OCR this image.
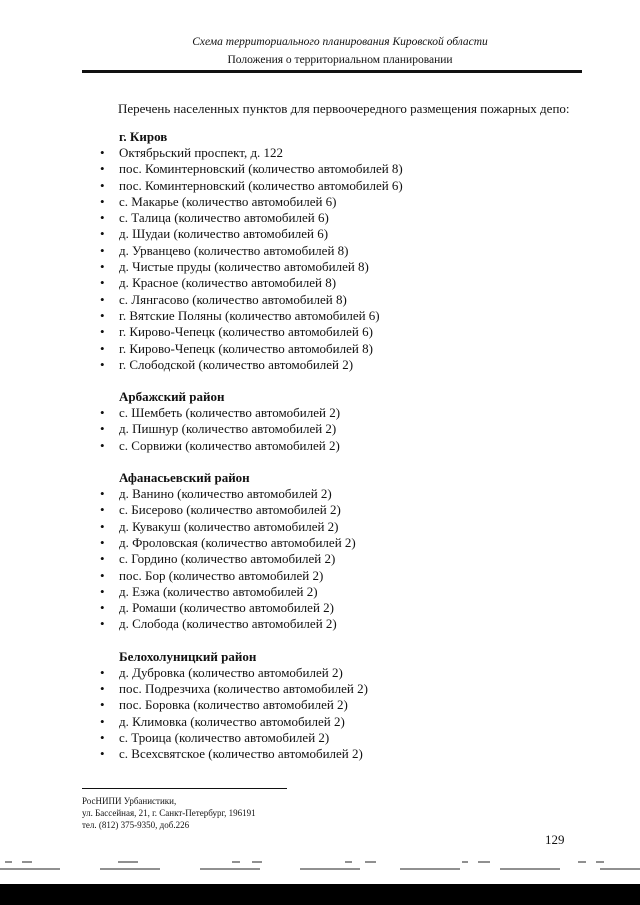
Схема территориального планирования Кировской области
Положения о территориальном планировании

Перечень населенных пунктов для первоочередного размещения пожарных депо:

г. Киров
• Октябрьский проспект, д. 122
• пос. Коминтерновский (количество автомобилей 8)
• пос. Коминтерновский (количество автомобилей 6)
• с. Макарье (количество автомобилей 6)
• с. Талица (количество автомобилей 6)
• д. Шудаи (количество автомобилей 6)
• д. Урванцево (количество автомобилей 8)
• д. Чистые пруды (количество автомобилей 8)
• д. Красное (количество автомобилей 8)
• с. Лянгасово (количество автомобилей 8)
• г. Вятские Поляны (количество автомобилей 6)
• г. Кирово-Чепецк (количество автомобилей 6)
• г. Кирово-Чепецк (количество автомобилей 8)
• г. Слободской (количество автомобилей 2)
Арбажский район
• с. Шембеть (количество автомобилей 2)
• д. Пишнур (количество автомобилей 2)
• с. Сорвижи (количество автомобилей 2)
Афанасьевский район
• д. Ванино (количество автомобилей 2)
• с. Бисерово (количество автомобилей 2)
• д. Кувакуш (количество автомобилей 2)
• д. Фроловская (количество автомобилей 2)
• с. Гордино (количество автомобилей 2)
• пос. Бор (количество автомобилей 2)
• д. Езжа (количество автомобилей 2)
• д. Ромаши (количество автомобилей 2)
• д. Слобода (количество автомобилей 2)
Белохолуницкий район
• д. Дубровка (количество автомобилей 2)
• пос. Подрезчиха (количество автомобилей 2)
• пос. Боровка (количество автомобилей 2)
• д. Климовка (количество автомобилей 2)
• с. Троица (количество автомобилей 2)
• с. Всехсвятское (количество автомобилей 2)
РосНИПИ Урбанистики,
ул. Бассейная, 21, г. Санкт-Петербург, 196191
тел. (812) 375-9350, доб.226
129
